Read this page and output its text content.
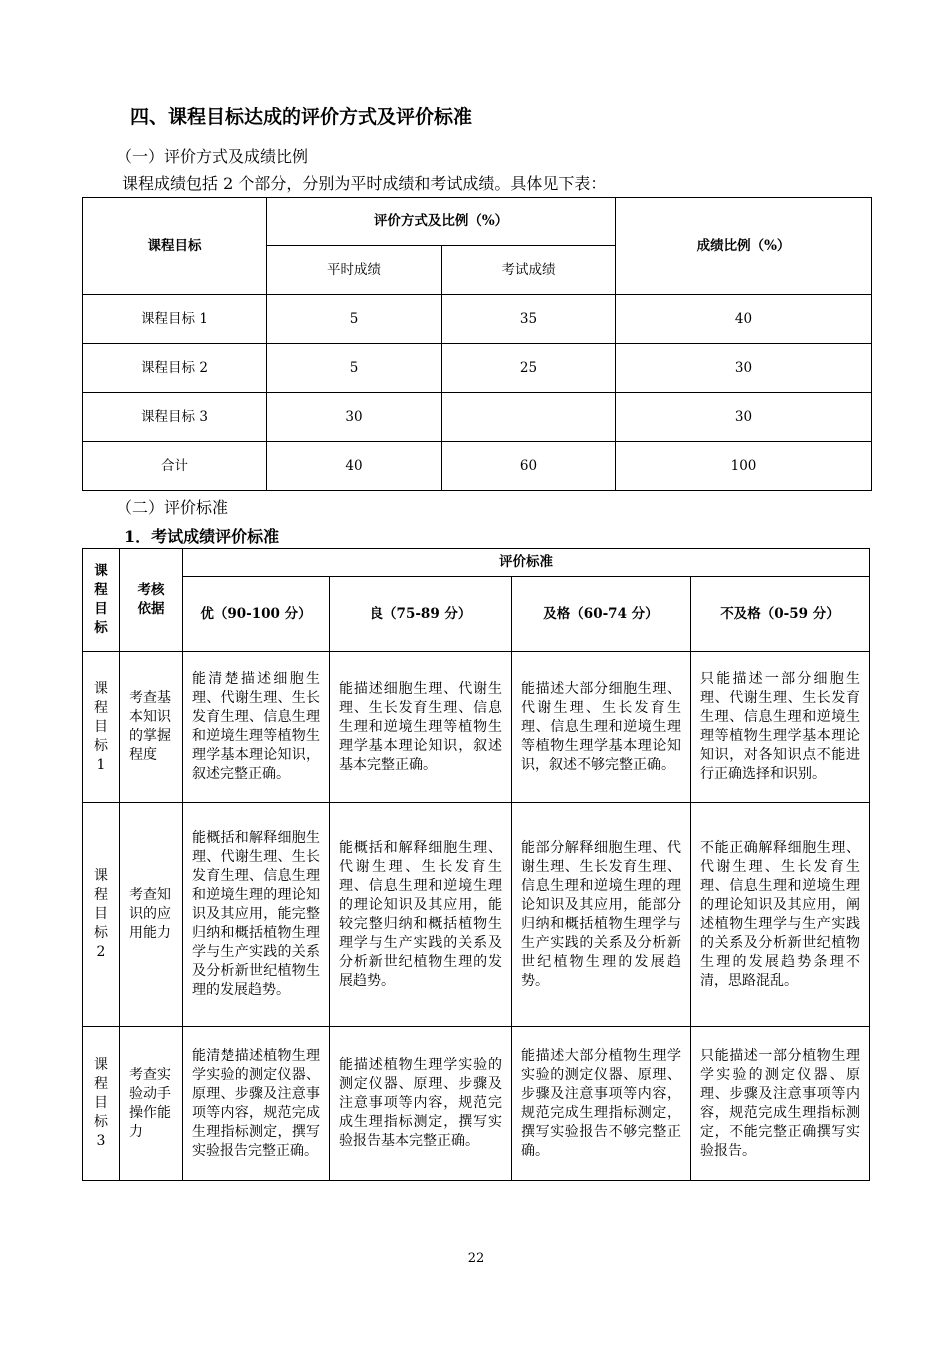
四、课程目标达成的评价方式及评价标准
（一）评价方式及成绩比例
课程成绩包括 2 个部分，分别为平时成绩和考试成绩。具体见下表：
课程目标	评价方式及比例（%）		成绩比例（%）
	平时成绩	考试成绩	
课程目标 1	5	35	40
课程目标 2	5	25	30
课程目标 3	30		30
合计	40	60	100
（二）评价标准
1．考试成绩评价标准
课程目标	考核依据	评价标准			
		优（90-100 分）	良（75-89 分）	及格（60-74 分）	不及格（0-59 分）
课程目标1	考查基本知识的掌握程度	能清楚描述细胞生理、代谢生理、生长发育生理、信息生理和逆境生理等植物生理学基本理论知识，叙述完整正确。	能描述细胞生理、代谢生理、生长发育生理、信息生理和逆境生理等植物生理学基本理论知识，叙述基本完整正确。	能描述大部分细胞生理、代谢生理、生长发育生理、信息生理和逆境生理等植物生理学基本理论知识，叙述不够完整正确。	只能描述一部分细胞生理、代谢生理、生长发育生理、信息生理和逆境生理等植物生理学基本理论知识，对各知识点不能进行正确选择和识别。
课程目标2	考查知识的应用能力	能概括和解释细胞生理、代谢生理、生长发育生理、信息生理和逆境生理的理论知识及其应用，能完整归纳和概括植物生理学与生产实践的关系及分析新世纪植物生理的发展趋势。	能概括和解释细胞生理、代谢生理、生长发育生理、信息生理和逆境生理的理论知识及其应用，能较完整归纳和概括植物生理学与生产实践的关系及分析新世纪植物生理的发展趋势。	能部分解释细胞生理、代谢生理、生长发育生理、信息生理和逆境生理的理论知识及其应用，能部分归纳和概括植物生理学与生产实践的关系及分析新世纪植物生理的发展趋势。	不能正确解释细胞生理、代谢生理、生长发育生理、信息生理和逆境生理的理论知识及其应用，阐述植物生理学与生产实践的关系及分析新世纪植物生理的发展趋势条理不清，思路混乱。
课程目标3	考查实验动手操作能力	能清楚描述植物生理学实验的测定仪器、原理、步骤及注意事项等内容，规范完成生理指标测定，撰写实验报告完整正确。	能描述植物生理学实验的测定仪器、原理、步骤及注意事项等内容，规范完成生理指标测定，撰写实验报告基本完整正确。	能描述大部分植物生理学实验的测定仪器、原理、步骤及注意事项等内容，规范完成生理指标测定，撰写实验报告不够完整正确。	只能描述一部分植物生理学实验的测定仪器、原理、步骤及注意事项等内容，规范完成生理指标测定，不能完整正确撰写实验报告。
22
